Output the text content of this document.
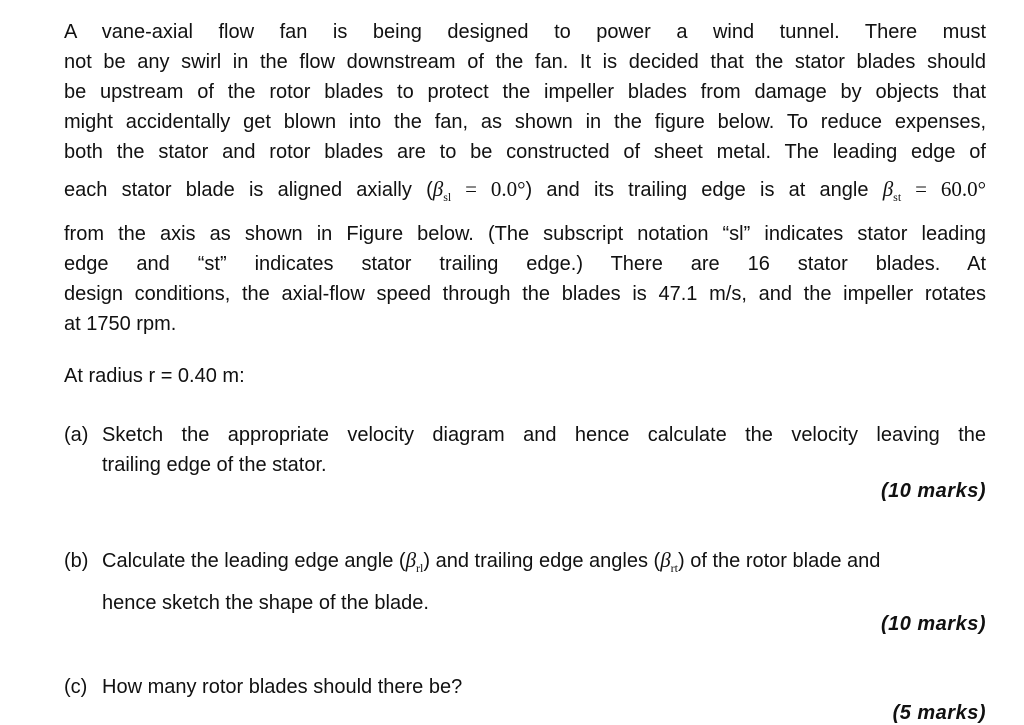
A vane-axial flow fan is being designed to power a wind tunnel. There must
not be any swirl in the flow downstream of the fan. It is decided that the stator blades should
be upstream of the rotor blades to protect the impeller blades from damage by objects that
might accidentally get blown into the fan, as shown in the figure below. To reduce expenses,
both the stator and rotor blades are to be constructed of sheet metal. The leading edge of
each stator blade is aligned axially $(\beta_{sl} = 0.0^\circ)$ and its trailing edge is at angle $\beta_{st} = 60.0^\circ$
from the axis as shown in Figure below. (The subscript notation “sl” indicates stator leading
edge and “st” indicates stator trailing edge.) There are 16 stator blades. At
design conditions, the axial-flow speed through the blades is 47.1 m/s, and the impeller rotates
at 1750 rpm.
At radius r = 0.40 m:
(a) Sketch the appropriate velocity diagram and hence calculate the velocity leaving the
trailing edge of the stator.
(10 marks)
(b) Calculate the leading edge angle $(\beta_{rl})$ and trailing edge angles $(\beta_{rt})$ of the rotor blade and
hence sketch the shape of the blade.
(10 marks)
(c) How many rotor blades should there be?
(5 marks)
